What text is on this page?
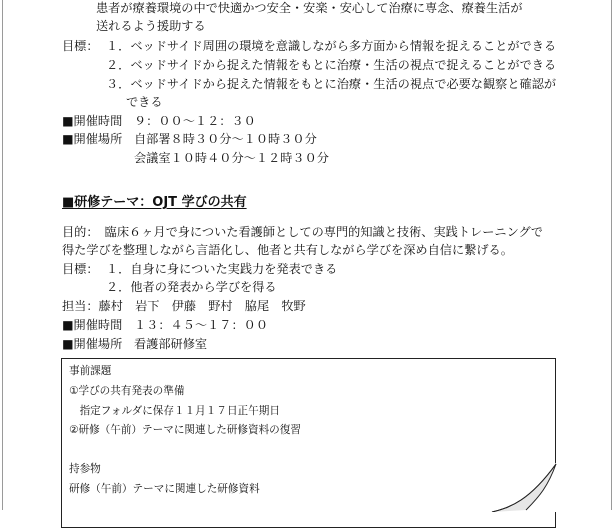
患者が療養環境の中で快適かつ安全・安楽・安心して治療に専念、療養生活が
送れるよう援助する
目標： １．ベッドサイド周囲の環境を意識しながら多方面から情報を捉えることができる
２．ベッドサイドから捉えた情報をもとに治療・生活の視点で捉えることができる
３．ベッドサイドから捉えた情報をもとに治療・生活の視点で必要な観察と確認が
できる
■開催時間 ９：００～１２：３０
■開催場所 自部署８時３０分～１０時３０分
会議室１０時４０分～１２時３０分
■研修テーマ：OJT 学びの共有
目的：　臨床６ヶ月で身についた看護師としての専門的知識と技術、実践トレーニングで
得た学びを整理しながら言語化し、他者と共有しながら学びを深め自信に繋げる。
目標： １．自身に身についた実践力を発表できる
２．他者の発表から学びを得る
担当：藤村　岩下　伊藤　野村　脇尾　牧野
■開催時間 １３：４５～１７：００
■開催場所 看護部研修室
事前課題
①学びの共有発表の準備
　指定フォルダに保存１１月１７日正午期日
②研修（午前）テーマに関連した研修資料の復習
持参物
研修（午前）テーマに関連した研修資料
